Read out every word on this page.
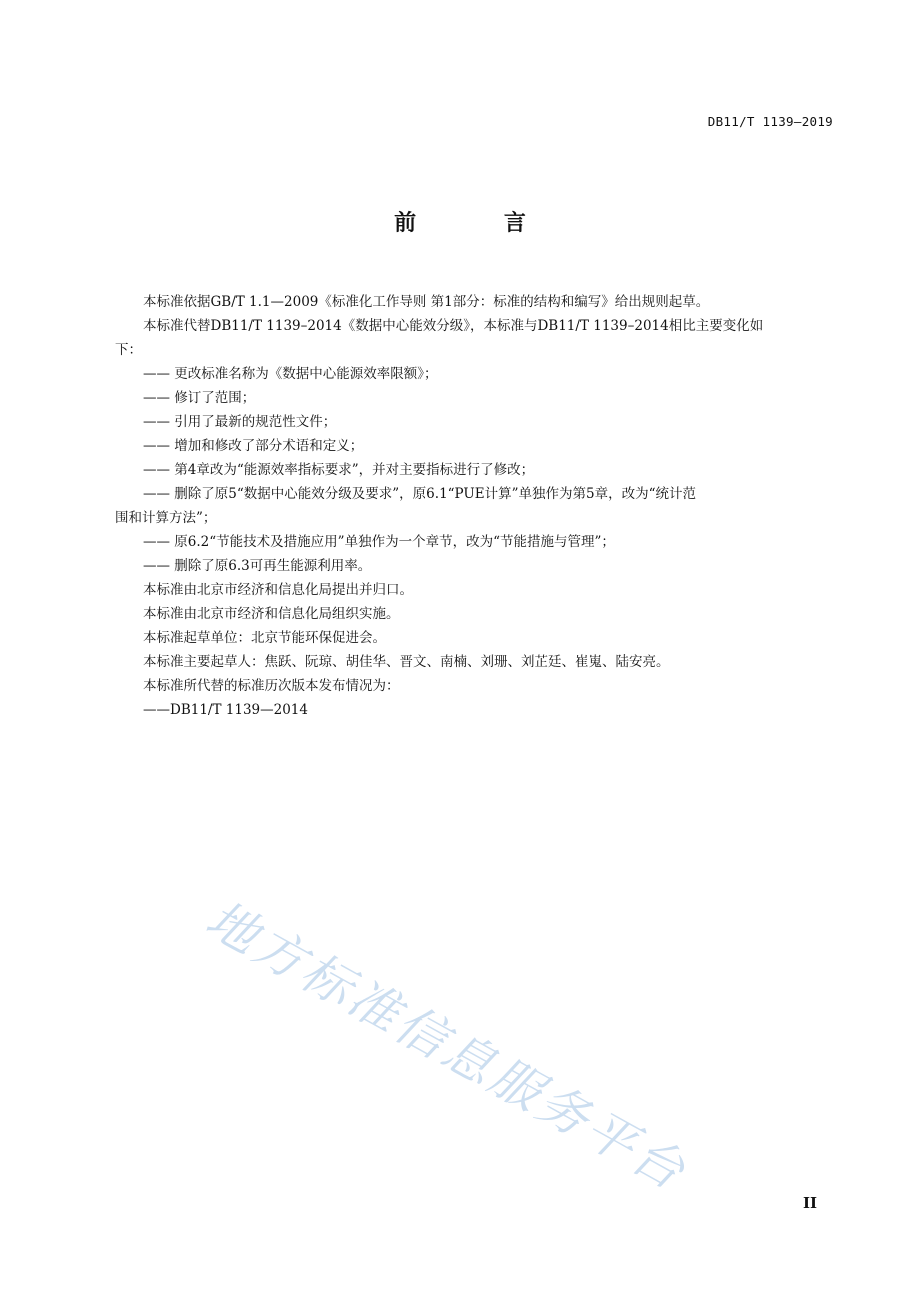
DB11/T 1139—2019
前 言

本标准依据GB/T 1.1—2009《标准化工作导则 第1部分：标准的结构和编写》给出规则起草。

本标准代替DB11/T 1139–2014《数据中心能效分级》，本标准与DB11/T 1139–2014相比主要变化如

下：

—— 更改标准名称为《数据中心能源效率限额》；

—— 修订了范围；

—— 引用了最新的规范性文件；

—— 增加和修改了部分术语和定义；

—— 第4章改为“能源效率指标要求”，并对主要指标进行了修改；

—— 删除了原5“数据中心能效分级及要求”，原6.1“PUE计算”单独作为第5章，改为“统计范

围和计算方法”；

—— 原6.2“节能技术及措施应用”单独作为一个章节，改为“节能措施与管理”；

—— 删除了原6.3可再生能源利用率。

本标准由北京市经济和信息化局提出并归口。

本标准由北京市经济和信息化局组织实施。

本标准起草单位：北京节能环保促进会。

本标准主要起草人：焦跃、阮琼、胡佳华、晋文、南楠、刘珊、刘芷廷、崔嵬、陆安亮。

本标准所代替的标准历次版本发布情况为：

——DB11/T 1139—2014

地方标准信息服务平台
II
